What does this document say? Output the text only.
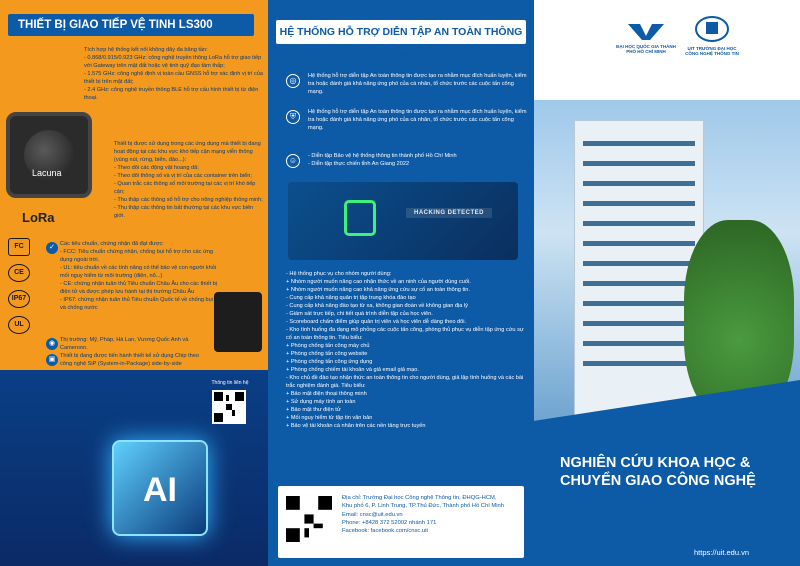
THIẾT BỊ GIAO TIẾP VỆ TINH LS300
Lacuna
LoRa

Tích hợp hệ thống kết nối không dây đa băng tần:

- 0.868/0.915/0.923 GHz: công nghệ truyền thông LoRa hỗ trợ giao tiếp với Gateway trên mặt đất hoặc vệ tinh quỹ đạo tầm thấp;

- 1.575 GHz: công nghệ định vị toàn cầu GNSS hỗ trợ xác định vị trí của thiết bị trên mặt đất;

- 2.4 GHz: công nghệ truyền thông BLE hỗ trợ cấu hình thiết bị từ điện thoại.

Thiết bị được sử dụng trong các ứng dụng mà thiết bị đang hoạt động tại các khu vực khó tiếp cận mạng viễn thông (vùng núi, rừng, biển, đảo...):

- Theo dõi các động vật hoang dã;

- Theo dõi thông số và vị trí của các container trên biển;

- Quan trắc các thông số môi trường tại các vị trí khó tiếp cận;

- Thu thập các thông số hỗ trợ cho nông nghiệp thông minh;

- Thu thập các thông tin bất thường tại các khu vực biên giới.

FC
CE
IP67
UL
✓ Các tiêu chuẩn, chứng nhận đã đạt được:

- FCC: Tiêu chuẩn chứng nhận, chống bụi hỗ trợ cho các ứng dụng ngoài trời.

- UL: tiêu chuẩn về các tính năng có thể bảo vệ con người khỏi mối nguy hiểm từ môi trường (điện, nổ...)

- CE: chứng nhận tuân thủ Tiêu chuẩn Châu Âu cho các thiết bị điện tử và được phép lưu hành tại thị trường Châu Âu

- IP67: chứng nhận tuân thủ Tiêu chuẩn Quốc tế về chống bụi và chống nước

◉ Thị trường: Mỹ, Pháp, Hà Lan, Vương Quốc Anh và Cameroon.
▣ Thiết bị đang được tiến hành thiết kế sử dụng Chip theo công nghệ SiP (System-in-Package) side-by-side
Thông tin liên hệ
AI
HỆ THỐNG HỖ TRỢ DIỄN TẬP AN TOÀN THÔNG TIN
◎	Hệ thống hỗ trợ diễn tập An toàn thông tin được tạo ra nhằm mục đích huấn luyện, kiểm tra hoặc đánh giá khả năng ứng phó của cá nhân, tổ chức trước các cuộc tấn công mạng.
⛨	Hệ thống hỗ trợ diễn tập An toàn thông tin được tạo ra nhằm mục đích huấn luyện, kiểm tra hoặc đánh giá khả năng ứng phó của cá nhân, tổ chức trước các cuộc tấn công mạng.
☺	- Diễn tập Bảo vệ hệ thống thông tin thành phố Hồ Chí Minh

- Diễn tập thực chiến tỉnh An Giang 2022

HACKING DETECTED

- Hệ thống phục vụ cho nhóm người dùng:

+ Nhóm người muốn nâng cao nhận thức về an ninh của người dùng cuối.

+ Nhóm người muốn nâng cao khả năng ứng cứu sự cố an toàn thông tin.

- Cung cấp khả năng quản trị tập trung khóa đào tạo

- Cung cấp khả năng đào tạo từ xa, không gian đoàn về không gian địa lý

- Giám sát trực tiếp, chi tiết quá trình diễn tập của học viên.

- Scoreboard chấm điểm giúp quản trị viên và học viên dễ dàng theo dõi.

- Kho tình huống đa dạng mô phỏng các cuộc tấn công, phòng thủ phục vụ diễn tập ứng cứu sự cố an toàn thông tin. Tiêu biểu:

+ Phòng chống tấn công máy chủ

+ Phòng chống tấn công website

+ Phòng chống tấn công ứng dụng

+ Phòng chống chiếm tài khoản và giả email giả mạo.

- Kho chủ đề đào tạo nhận thức an toàn thông tin cho người dùng, giả lập tình huống và các bài trắc nghiệm đánh giá. Tiêu biểu:

+ Bảo mật điện thoại thông minh

+ Sử dụng máy tính an toàn

+ Bảo mật thư điện tử

+ Mối nguy hiểm từ tập tin văn bản

+ Bảo vệ tài khoản cá nhân trên các nền tảng trực tuyến

Địa chỉ: Trường Đại học Công nghệ Thông tin, ĐHQG-HCM,

Khu phố 6, P. Linh Trung, TP.Thủ Đức, Thành phố Hồ Chí Minh

Email: cnsc@uit.edu.vn

Phone: +8428 372 52002 nhánh 171

Facebook: facebook.com/cnsc.uit

ĐẠI HỌC QUỐC GIA THÀNH PHỐ HỒ CHÍ MINH
UIT TRƯỜNG ĐẠI HỌC CÔNG NGHỆ THÔNG TIN
NGHIÊN CỨU KHOA HỌC &
CHUYỂN GIAO CÔNG NGHỆ
https://uit.edu.vn
